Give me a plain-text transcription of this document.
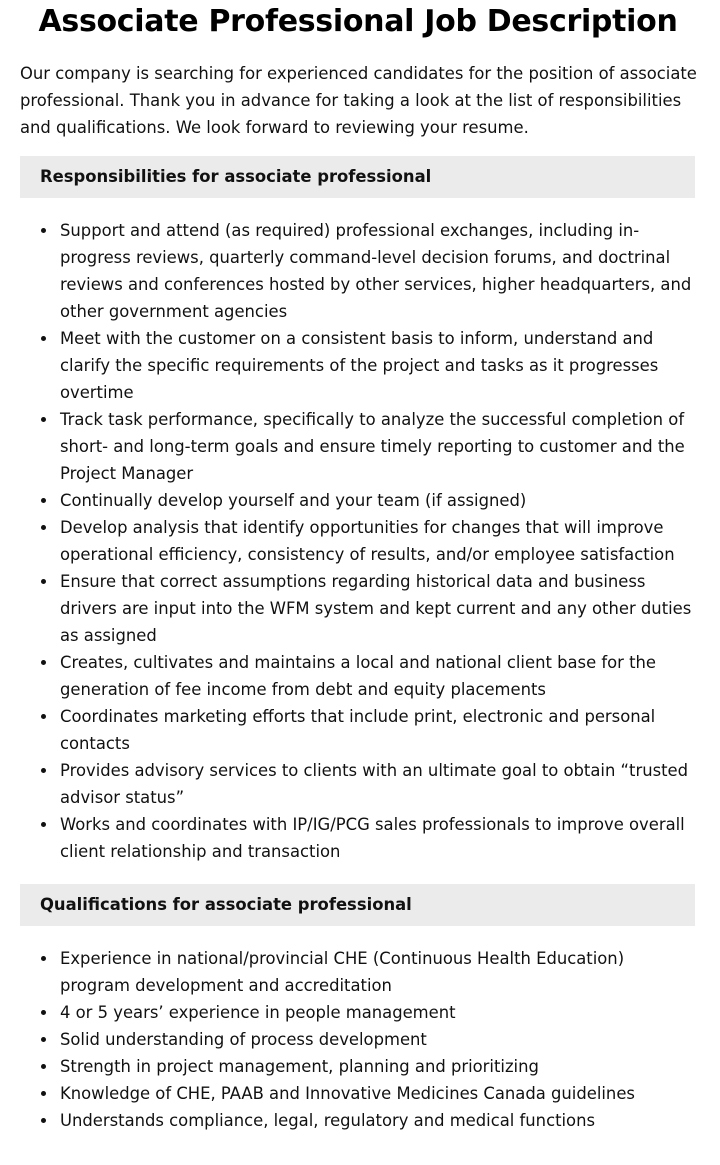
Associate Professional Job Description

Our company is searching for experienced candidates for the position of associate professional. Thank you in advance for taking a look at the list of responsibilities and qualifications. We look forward to reviewing your resume.

Responsibilities for associate professional
Support and attend (as required) professional exchanges, including in-progress reviews, quarterly command-level decision forums, and doctrinal reviews and conferences hosted by other services, higher headquarters, and other government agencies
Meet with the customer on a consistent basis to inform, understand and clarify the specific requirements of the project and tasks as it progresses overtime
Track task performance, specifically to analyze the successful completion of short- and long-term goals and ensure timely reporting to customer and the Project Manager
Continually develop yourself and your team (if assigned)
Develop analysis that identify opportunities for changes that will improve operational efficiency, consistency of results, and/or employee satisfaction
Ensure that correct assumptions regarding historical data and business drivers are input into the WFM system and kept current and any other duties as assigned
Creates, cultivates and maintains a local and national client base for the generation of fee income from debt and equity placements
Coordinates marketing efforts that include print, electronic and personal contacts
Provides advisory services to clients with an ultimate goal to obtain “trusted advisor status”
Works and coordinates with IP/IG/PCG sales professionals to improve overall client relationship and transaction
Qualifications for associate professional
Experience in national/provincial CHE (Continuous Health Education) program development and accreditation
4 or 5 years’ experience in people management
Solid understanding of process development
Strength in project management, planning and prioritizing
Knowledge of CHE, PAAB and Innovative Medicines Canada guidelines
Understands compliance, legal, regulatory and medical functions
